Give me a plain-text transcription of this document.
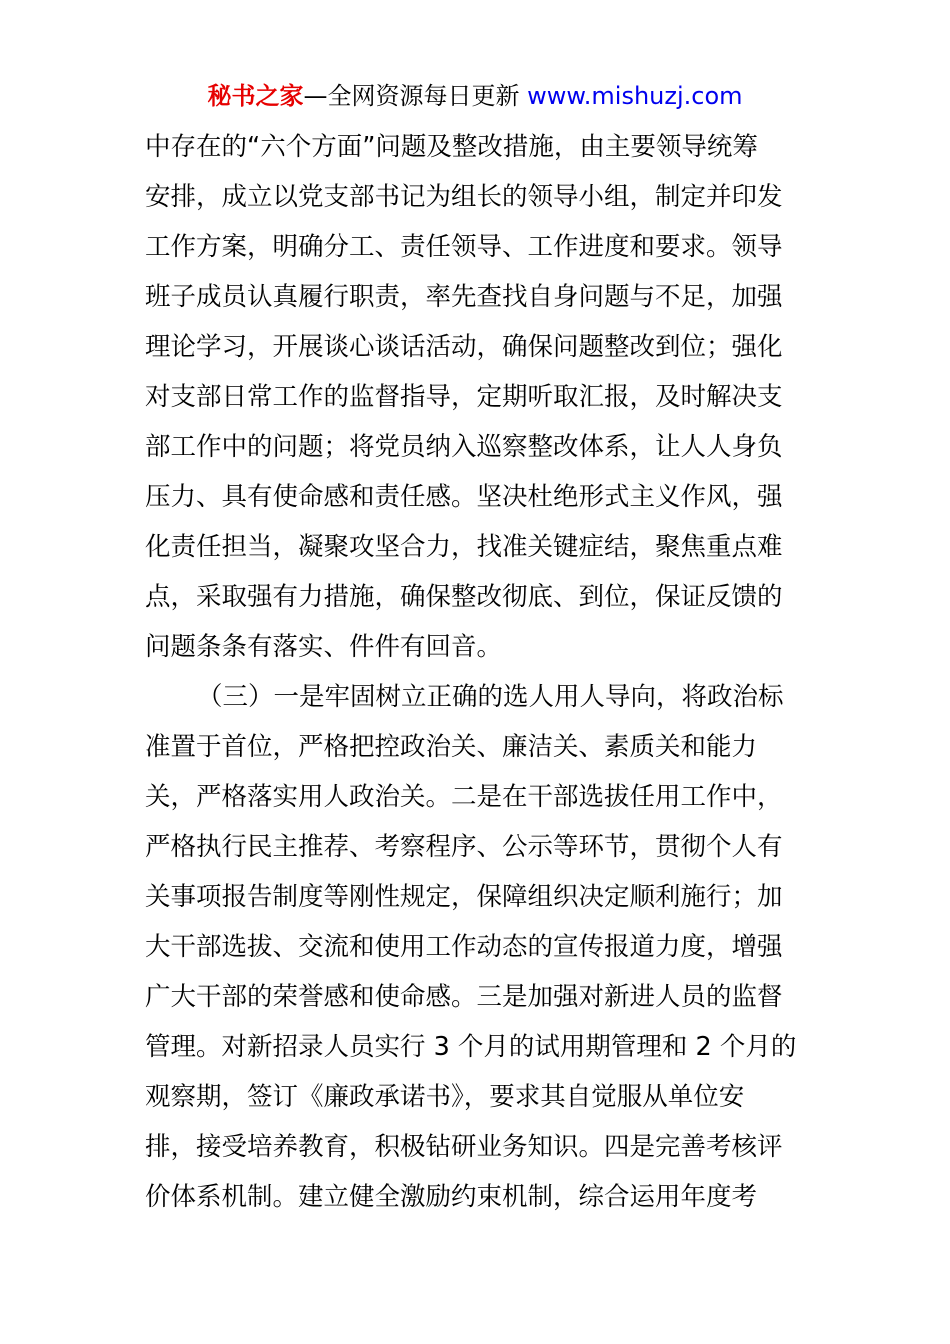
秘书之家—全网资源每日更新 www.mishuzj.com
中存在的“六个方面”问题及整改措施，由主要领导统筹
安排，成立以党支部书记为组长的领导小组，制定并印发
工作方案，明确分工、责任领导、工作进度和要求。领导
班子成员认真履行职责，率先查找自身问题与不足，加强
理论学习，开展谈心谈话活动，确保问题整改到位；强化
对支部日常工作的监督指导，定期听取汇报，及时解决支
部工作中的问题；将党员纳入巡察整改体系，让人人身负
压力、具有使命感和责任感。坚决杜绝形式主义作风，强
化责任担当，凝聚攻坚合力，找准关键症结，聚焦重点难
点，采取强有力措施，确保整改彻底、到位，保证反馈的
问题条条有落实、件件有回音。
（三）一是牢固树立正确的选人用人导向，将政治标
准置于首位，严格把控政治关、廉洁关、素质关和能力
关，严格落实用人政治关。二是在干部选拔任用工作中，
严格执行民主推荐、考察程序、公示等环节，贯彻个人有
关事项报告制度等刚性规定，保障组织决定顺利施行；加
大干部选拔、交流和使用工作动态的宣传报道力度，增强
广大干部的荣誉感和使命感。三是加强对新进人员的监督
管理。对新招录人员实行 3 个月的试用期管理和 2 个月的
观察期，签订《廉政承诺书》，要求其自觉服从单位安
排，接受培养教育，积极钻研业务知识。四是完善考核评
价体系机制。建立健全激励约束机制，综合运用年度考
